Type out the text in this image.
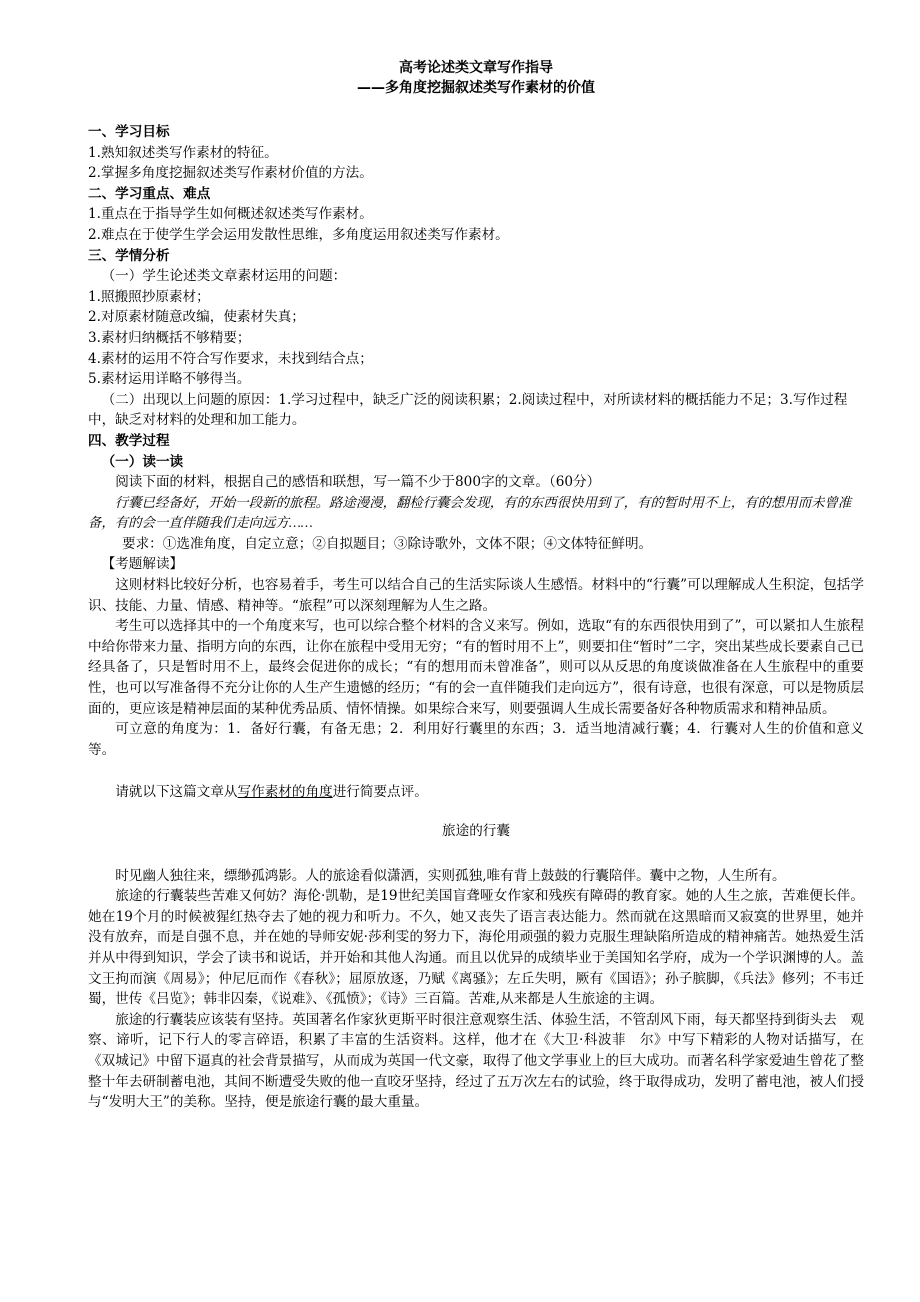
高考论述类文章写作指导
——多角度挖掘叙述类写作素材的价值
一、学习目标
1.熟知叙述类写作素材的特征。
2.掌握多角度挖掘叙述类写作素材价值的方法。
二、学习重点、难点
1.重点在于指导学生如何概述叙述类写作素材。
2.难点在于使学生学会运用发散性思维，多角度运用叙述类写作素材。
三、学情分析
（一）学生论述类文章素材运用的问题：
1.照搬照抄原素材；
2.对原素材随意改编，使素材失真；
3.素材归纳概括不够精要；
4.素材的运用不符合写作要求，未找到结合点；
5.素材运用详略不够得当。
（二）出现以上问题的原因：1.学习过程中，缺乏广泛的阅读积累；2.阅读过程中，对所读材料的概括能力不足；3.写作过程中，缺乏对材料的处理和加工能力。
四、教学过程
（一）读一读
阅读下面的材料，根据自己的感悟和联想，写一篇不少于800字的文章。（60分）
行囊已经备好，开始一段新的旅程。路途漫漫，翻检行囊会发现，有的东西很快用到了，有的暂时用不上，有的想用而未曾准备，有的会一直伴随我们走向远方……
要求：①选准角度，自定立意；②自拟题目；③除诗歌外，文体不限；④文体特征鲜明。
【考题解读】
这则材料比较好分析，也容易着手，考生可以结合自己的生活实际谈人生感悟。材料中的“行囊”可以理解成人生积淀，包括学识、技能、力量、情感、精神等。“旅程”可以深刻理解为人生之路。
考生可以选择其中的一个角度来写，也可以综合整个材料的含义来写。例如，选取“有的东西很快用到了”，可以紧扣人生旅程中给你带来力量、指明方向的东西，让你在旅程中受用无穷；“有的暂时用不上”，则要扣住“暂时”二字，突出某些成长要素自己已经具备了，只是暂时用不上，最终会促进你的成长；“有的想用而未曾准备”，则可以从反思的角度谈做准备在人生旅程中的重要性，也可以写准备得不充分让你的人生产生遗憾的经历；“有的会一直伴随我们走向远方”，很有诗意，也很有深意，可以是物质层面的，更应该是精神层面的某种优秀品质、情怀情操。如果综合来写，则要强调人生成长需要备好各种物质需求和精神品质。
可立意的角度为：1．备好行囊，有备无患；2．利用好行囊里的东西；3．适当地清减行囊；4．行囊对人生的价值和意义等。
请就以下这篇文章从写作素材的角度进行简要点评。
旅途的行囊
时见幽人独往来，缥缈孤鸿影。人的旅途看似潇洒，实则孤独,唯有背上鼓鼓的行囊陪伴。囊中之物，人生所有。
旅途的行囊装些苦难又何妨？海伦·凯勒，是19世纪美国盲聋哑女作家和残疾有障碍的教育家。她的人生之旅，苦难便长伴。她在19个月的时候被猩红热夺去了她的视力和听力。不久，她又丧失了语言表达能力。然而就在这黑暗而又寂寞的世界里，她并没有放弃，而是自强不息，并在她的导师安妮·莎利雯的努力下，海伦用顽强的毅力克服生理缺陷所造成的精神痛苦。她热爱生活并从中得到知识，学会了读书和说话，并开始和其他人沟通。而且以优异的成绩毕业于美国知名学府，成为一个学识渊博的人。盖文王拘而演《周易》；仲尼厄而作《春秋》；屈原放逐，乃赋《离骚》；左丘失明，厥有《国语》；孙子膑脚，《兵法》修列；不韦迁蜀，世传《吕览》；韩非囚秦，《说难》、《孤愤》；《诗》三百篇。苦难,从来都是人生旅途的主调。
旅途的行囊装应该装有坚持。英国著名作家狄更斯平时很注意观察生活、体验生活，不管刮风下雨，每天都坚持到街头去　观察、谛听，记下行人的零言碎语，积累了丰富的生活资料。这样，他才在《大卫·科波菲　尔》中写下精彩的人物对话描写，在《双城记》中留下逼真的社会背景描写，从而成为英国一代文豪，取得了他文学事业上的巨大成功。而著名科学家爱迪生曾花了整整十年去研制蓄电池，其间不断遭受失败的他一直咬牙坚持，经过了五万次左右的试验，终于取得成功，发明了蓄电池，被人们授与“发明大王”的美称。坚持，便是旅途行囊的最大重量。
